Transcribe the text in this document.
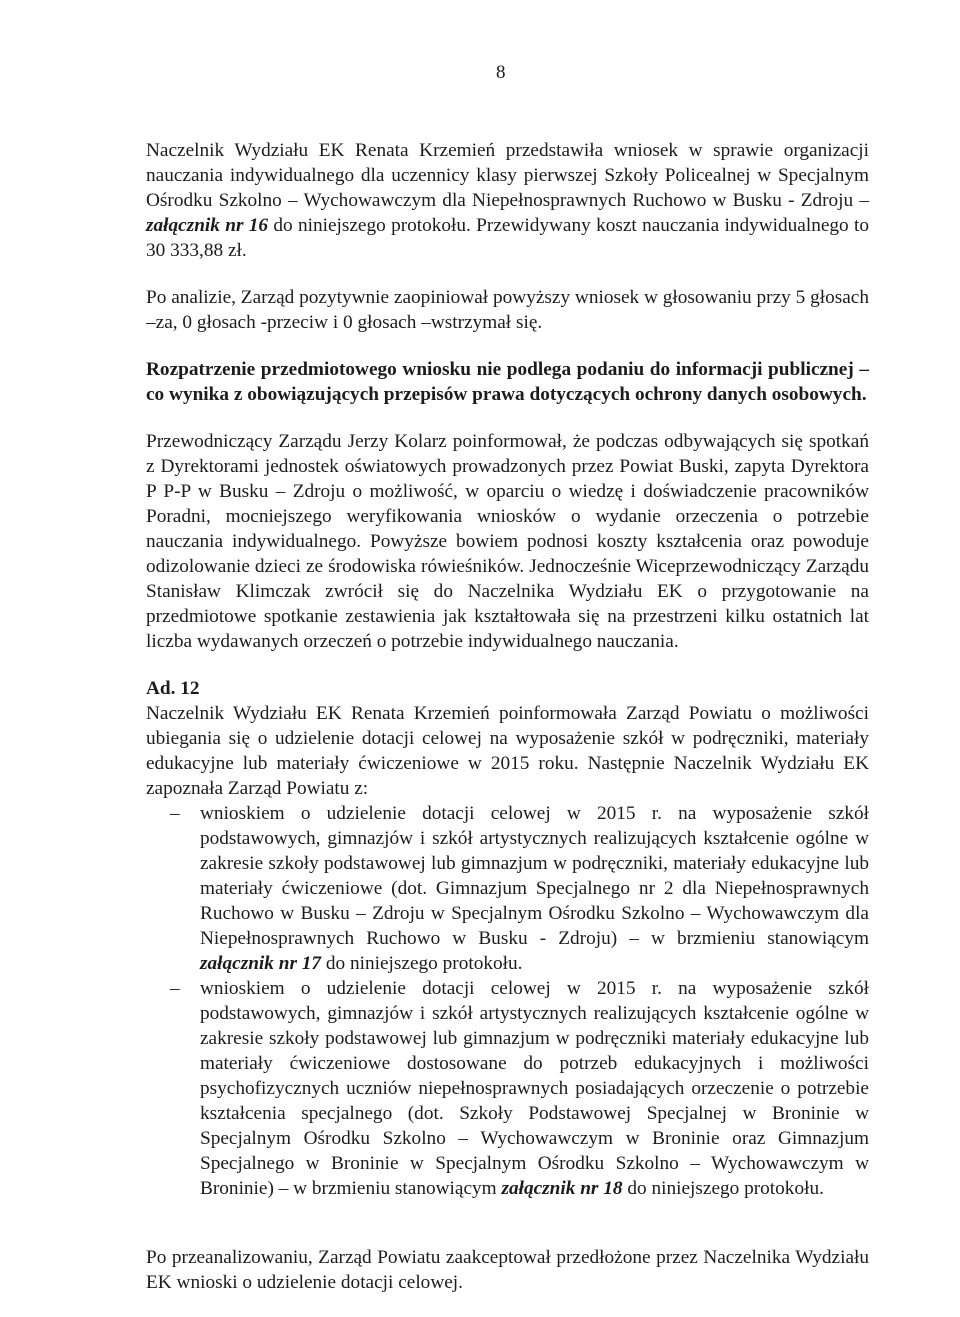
8

Naczelnik Wydziału EK Renata Krzemień przedstawiła wniosek w sprawie organizacji nauczania indywidualnego dla uczennicy klasy pierwszej Szkoły Policealnej w Specjalnym Ośrodku Szkolno – Wychowawczym dla Niepełnosprawnych Ruchowo w Busku - Zdroju – załącznik nr 16 do niniejszego protokołu. Przewidywany koszt nauczania indywidualnego to 30 333,88 zł.

Po analizie, Zarząd pozytywnie zaopiniował powyższy wniosek w głosowaniu przy 5 głosach –za, 0 głosach -przeciw i 0 głosach –wstrzymał się.

Rozpatrzenie przedmiotowego wniosku nie podlega podaniu do informacji publicznej – co wynika z obowiązujących przepisów prawa dotyczących ochrony danych osobowych.

Przewodniczący Zarządu Jerzy Kolarz poinformował, że podczas odbywających się spotkań z Dyrektorami jednostek oświatowych prowadzonych przez Powiat Buski, zapyta Dyrektora P P-P w Busku – Zdroju o możliwość, w oparciu o wiedzę i doświadczenie pracowników Poradni, mocniejszego weryfikowania wniosków o wydanie orzeczenia o potrzebie nauczania indywidualnego. Powyższe bowiem podnosi koszty kształcenia oraz powoduje odizolowanie dzieci ze środowiska rówieśników. Jednocześnie Wiceprzewodniczący Zarządu Stanisław Klimczak zwrócił się do Naczelnika Wydziału EK o przygotowanie na przedmiotowe spotkanie zestawienia jak kształtowała się na przestrzeni kilku ostatnich lat liczba wydawanych orzeczeń o potrzebie indywidualnego nauczania.

Ad. 12

Naczelnik Wydziału EK Renata Krzemień poinformowała Zarząd Powiatu o możliwości ubiegania się o udzielenie dotacji celowej na wyposażenie szkół w podręczniki, materiały edukacyjne lub materiały ćwiczeniowe w 2015 roku. Następnie Naczelnik Wydziału EK zapoznała Zarząd Powiatu z:

– wnioskiem o udzielenie dotacji celowej w 2015 r. na wyposażenie szkół podstawowych, gimnazjów i szkół artystycznych realizujących kształcenie ogólne w zakresie szkoły podstawowej lub gimnazjum w podręczniki, materiały edukacyjne lub materiały ćwiczeniowe (dot. Gimnazjum Specjalnego nr 2 dla Niepełnosprawnych Ruchowo w Busku – Zdroju w Specjalnym Ośrodku Szkolno – Wychowawczym dla Niepełnosprawnych Ruchowo w Busku - Zdroju) – w brzmieniu stanowiącym załącznik nr 17 do niniejszego protokołu.
– wnioskiem o udzielenie dotacji celowej w 2015 r. na wyposażenie szkół podstawowych, gimnazjów i szkół artystycznych realizujących kształcenie ogólne w zakresie szkoły podstawowej lub gimnazjum w podręczniki materiały edukacyjne lub materiały ćwiczeniowe dostosowane do potrzeb edukacyjnych i możliwości psychofizycznych uczniów niepełnosprawnych posiadających orzeczenie o potrzebie kształcenia specjalnego (dot. Szkoły Podstawowej Specjalnej w Broninie w Specjalnym Ośrodku Szkolno – Wychowawczym w Broninie oraz Gimnazjum Specjalnego w Broninie w Specjalnym Ośrodku Szkolno – Wychowawczym w Broninie) – w brzmieniu stanowiącym załącznik nr 18 do niniejszego protokołu.

Po przeanalizowaniu, Zarząd Powiatu zaakceptował przedłożone przez Naczelnika Wydziału EK wnioski o udzielenie dotacji celowej.
